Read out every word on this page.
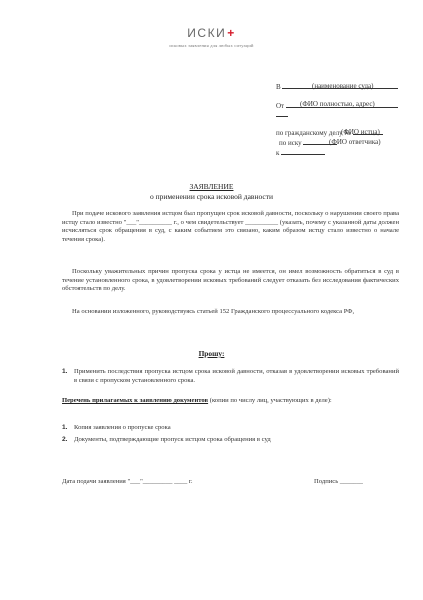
ИСКИ+
исковых заявления для любых ситуаций

В
	(наименование суда)

От

	(ФИО полностью, адрес)

по гражданскому делу №

по иску

(ФИО истца)

к

(ФИО ответчика)
ЗАЯВЛЕНИЕ
о применении срока исковой давности
При подаче искового заявления истцом был пропущен срок исковой давности, поскольку о нарушении своего права истцу стало известно "___"__________ г., о чем свидетельствует __________ (указать, почему с указанной даты должен исчисляться срок обращения в суд, с каким событием это связано, каким образом истцу стало известно о начале течения срока).
Поскольку уважительных причин пропуска срока у истца не имеется, он имел возможность обратиться в суд в течение установленного срока, в удовлетворении исковых требований следует отказать без исследования фактических обстоятельств по делу.
На основании изложенного, руководствуясь статьей 152 Гражданского процессуального кодекса РФ,
Прошу:
1. Применить последствия пропуска истцом срока исковой давности, отказав в удовлетворении исковых требований в связи с пропуском установленного срока.
Перечень прилагаемых к заявлению документов (копии по числу лиц, участвующих в деле):
1. Копия заявления о пропуске срока
2. Документы, подтверждающие пропуск истцом срока обращения в суд
Дата подачи заявления "___"_________ ____ г.	Подпись _______
